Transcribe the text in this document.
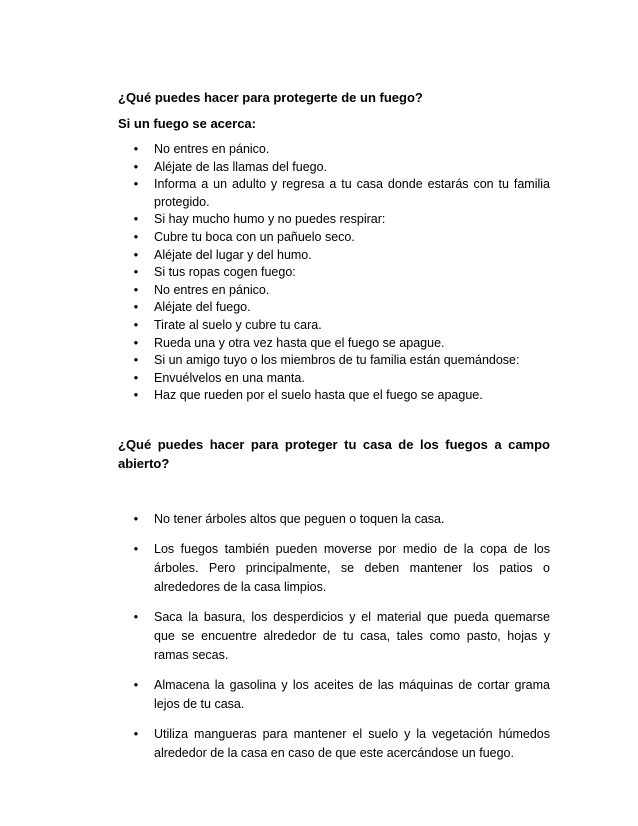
¿Qué puedes hacer para protegerte de un fuego?
Si un fuego se acerca:
•	No entres en pánico.
•	Aléjate de las llamas del fuego.
•	Informa a un adulto y regresa a tu casa donde estarás con tu familia protegido.
•	Si hay mucho humo y no puedes respirar:
•	Cubre tu boca con un pañuelo seco.
•	Aléjate del lugar y del humo.
•	Si tus ropas cogen fuego:
•	No entres en pánico.
•	Aléjate del fuego.
•	Tirate al suelo y cubre tu cara.
•	Rueda una y otra vez hasta que el fuego se apague.
•	Si un amigo tuyo o los miembros de tu familia están quemándose:
•	Envuélvelos en una manta.
•	Haz que rueden por el suelo hasta que el fuego se apague.
¿Qué puedes hacer para proteger tu casa de los fuegos a campo abierto?
•	No tener árboles altos que peguen o toquen la casa.
•	Los fuegos también pueden moverse por medio de la copa de los árboles. Pero principalmente, se deben mantener los patios o alrededores de la casa limpios.
•	Saca la basura, los desperdicios y el material que pueda quemarse que se encuentre alrededor de tu casa, tales como pasto, hojas y ramas secas.
•	Almacena la gasolina y los aceites de las máquinas de cortar grama lejos de tu casa.
•	Utiliza mangueras para mantener el suelo y la vegetación húmedos alrededor de la casa en caso de que este acercándose un fuego.
